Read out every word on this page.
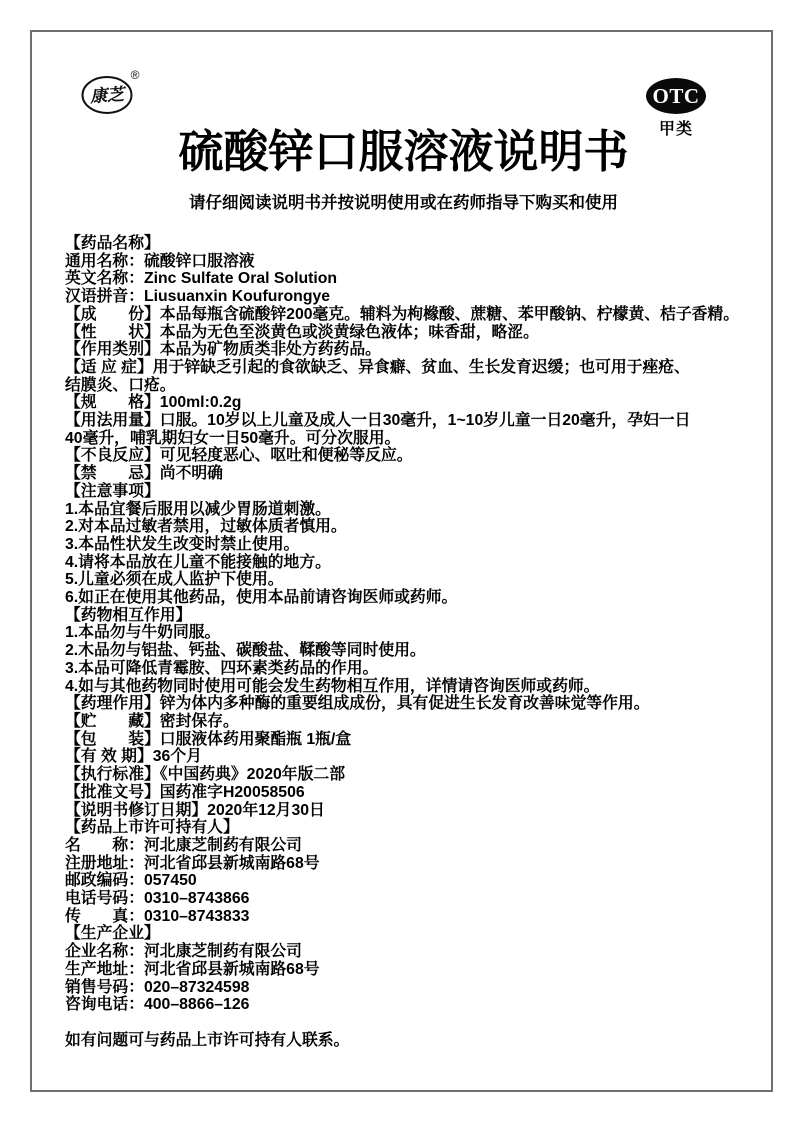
康芝
®
OTC
甲类
硫酸锌口服溶液说明书
请仔细阅读说明书并按说明使用或在药师指导下购买和使用
【药品名称】
通用名称：硫酸锌口服溶液
英文名称：Zinc Sulfate Oral Solution
汉语拼音：Liusuanxin Koufurongye
【成　　份】本品每瓶含硫酸锌200毫克。辅料为枸橼酸、蔗糖、苯甲酸钠、柠檬黄、桔子香精。
【性　　状】本品为无色至淡黄色或淡黄绿色液体；味香甜，略涩。
【作用类别】本品为矿物质类非处方药药品。
【适 应 症】用于锌缺乏引起的食欲缺乏、异食癖、贫血、生长发育迟缓；也可用于痤疮、
结膜炎、口疮。
【规　　格】100ml:0.2g
【用法用量】口服。10岁以上儿童及成人一日30毫升，1~10岁儿童一日20毫升，孕妇一日
40毫升，哺乳期妇女一日50毫升。可分次服用。
【不良反应】可见轻度恶心、呕吐和便秘等反应。
【禁　　忌】尚不明确
【注意事项】
1.本品宜餐后服用以减少胃肠道刺激。
2.对本品过敏者禁用，过敏体质者慎用。
3.本品性状发生改变时禁止使用。
4.请将本品放在儿童不能接触的地方。
5.儿童必须在成人监护下使用。
6.如正在使用其他药品，使用本品前请咨询医师或药师。
【药物相互作用】
1.本品勿与牛奶同服。
2.木品勿与铝盐、钙盐、碳酸盐、鞣酸等同时使用。
3.本品可降低青霉胺、四环素类药品的作用。
4.如与其他药物同时使用可能会发生药物相互作用，详情请咨询医师或药师。
【药理作用】锌为体内多种酶的重要组成成份，具有促进生长发育改善味觉等作用。
【贮　　藏】密封保存。
【包　　装】口服液体药用聚酯瓶 1瓶/盒
【有 效 期】36个月
【执行标准】《中国药典》2020年版二部
【批准文号】国药准字H20058506
【说明书修订日期】2020年12月30日
【药品上市许可持有人】
名　　称：河北康芝制药有限公司
注册地址：河北省邱县新城南路68号
邮政编码：057450
电话号码：0310–8743866
传　　真：0310–8743833
【生产企业】
企业名称：河北康芝制药有限公司
生产地址：河北省邱县新城南路68号
销售号码：020–87324598
咨询电话：400–8866–126
如有问题可与药品上市许可持有人联系。
